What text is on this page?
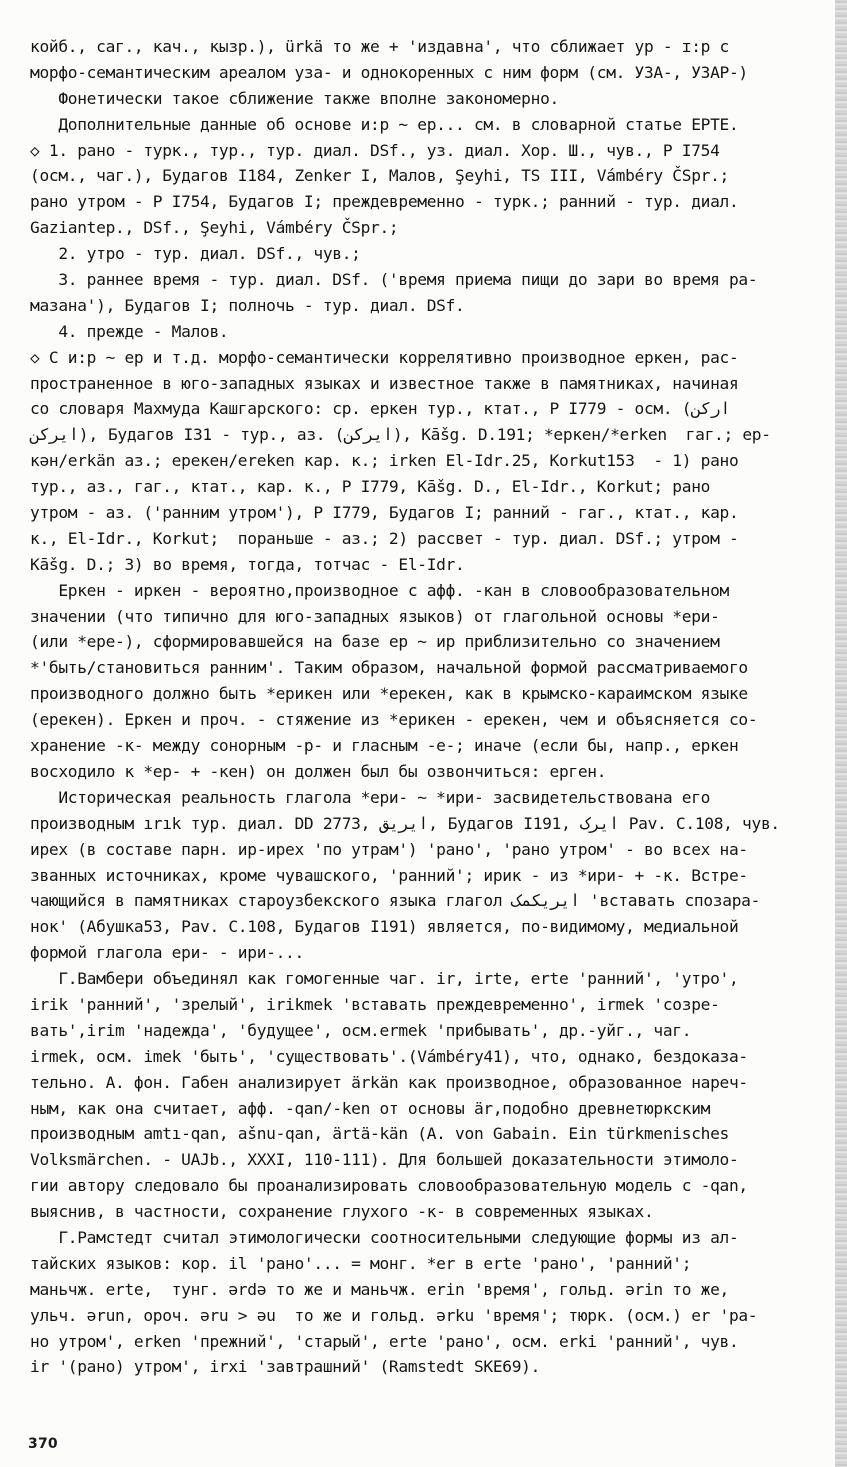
койб., саг., кач., кызр.), ürkä то же + 'издавна', что сближает ур - ɪ:р с
морфо-семантическим ареалом уза- и однокоренных с ним форм (см. УЗА-, УЗАР-)
Фонетически такое сближение также вполне закономерно.
Дополнительные данные об основе и:р ~ ер... см. в словарной статье ЕРТЕ.
◇ 1. рано - турк., тур., тур. диал. DSf., уз. диал. Хор. Ш., чув., Р I754
(осм., чаг.), Будагов I184, Zenker I, Малов, Şeyhi, TS III, Vámbéry ČSpr.;
рано утром - Р I754, Будагов I; преждевременно - турк.; ранний - тур. диал.
Gaziantep., DSf., Şeyhi, Vámbéry ČSpr.;
2. утро - тур. диал. DSf., чув.;
3. раннее время - тур. диал. DSf. ('время приема пищи до зари во время ра-
мазана'), Будагов I; полночь - тур. диал. DSf.
4. прежде - Малов.
◇ С и:р ~ ер и т.д. морфо-семантически коррелятивно производное еркен, рас-
пространенное в юго-западных языках и известное также в памятниках, начиная
со словаря Махмуда Кашгарского: ср. еркен тур., ктат., Р I779 - осм. (ارکن
ایرکن), Будагов I31 - тур., аз. (ایرکن), Kāšg. D.191; *еркен/*erken  гаг.; ер-
кән/erkän аз.; ерекен/ereken кар. к.; irken El-Idr.25, Korkut153  - 1) рано
тур., аз., гаг., ктат., кар. к., Р I779, Kāšg. D., El-Idr., Korkut; рано
утром - аз. ('ранним утром'), Р I779, Будагов I; ранний - гаг., ктат., кар.
к., El-Idr., Korkut;  пораньше - аз.; 2) рассвет - тур. диал. DSf.; утром -
Kāšg. D.; 3) во время, тогда, тотчас - El-Idr.
Еркен - иркен - вероятно,производное с афф. -кан в словообразовательном
значении (что типично для юго-западных языков) от глагольной основы *ери-
(или *ере-), сформировавшейся на базе ер ~ ир приблизительно со значением
*'быть/становиться ранним'. Таким образом, начальной формой рассматриваемого
производного должно быть *ерикен или *ерекен, как в крымско-караимском языке
(ерекен). Еркен и проч. - стяжение из *ерикен - ерекен, чем и объясняется со-
хранение -к- между сонорным -р- и гласным -е-; иначе (если бы, напр., еркен
восходило к *ер- + -кен) он должен был бы озвончиться: ерген.
Историческая реальность глагола *ери- ~ *ири- засвидетельствована его
производным ırık тур. диал. DD 2773, ایریق, Будагов I191, ایرک Pav. C.108, чув.
ирех (в составе парн. ир-ирех 'по утрам') 'рано', 'рано утром' - во всех на-
званных источниках, кроме чувашского, 'ранний'; ирик - из *ири- + -к. Встре-
чающийся в памятниках староузбекского языка глагол ایریکمک 'вставать спозара-
нок' (Абушка53, Pav. C.108, Будагов I191) является, по-видимому, медиальной
формой глагола ери- - ири-...
Г.Вамбери объединял как гомогенные чаг. ir, irte, erte 'ранний', 'утро',
irik 'ранний', 'зрелый', irikmek 'вставать преждевременно', irmek 'созре-
вать',irim 'надежда', 'будущее', осм.ermek 'прибывать', др.-уйг., чаг.
irmek, осм. imek 'быть', 'существовать'.(Vámbéry41), что, однако, бездоказа-
тельно. А. фон. Габен анализирует ärkän как производное, образованное нареч-
ным, как она считает, афф. -qan/-ken от основы är,подобно древнетюркским
производным amtı-qan, ašnu-qan, ärtä-kän (A. von Gabain. Ein türkmenisches
Volksmärchen. - UAJb., XXXI, 110-111). Для большей доказательности этимоло-
гии автору следовало бы проанализировать словообразовательную модель с -qan,
выяснив, в частности, сохранение глухого -к- в современных языках.
Г.Рамстедт считал этимологически соотносительными следующие формы из ал-
тайских языков: кор. il 'рано'... = монг. *er в erte 'рано', 'ранний';
маньчж. erte,  тунг. ərdə то же и маньчж. erin 'время', гольд. ərin то же,
ульч. ərun, ороч. əru > əu  то же и гольд. ərku 'время'; тюрк. (осм.) er 'ра-
но утром', erken 'прежний', 'старый', erte 'рано', осм. erki 'ранний', чув.
ir '(рано) утром', irxi 'завтрашний' (Ramstedt SKE69).
370
